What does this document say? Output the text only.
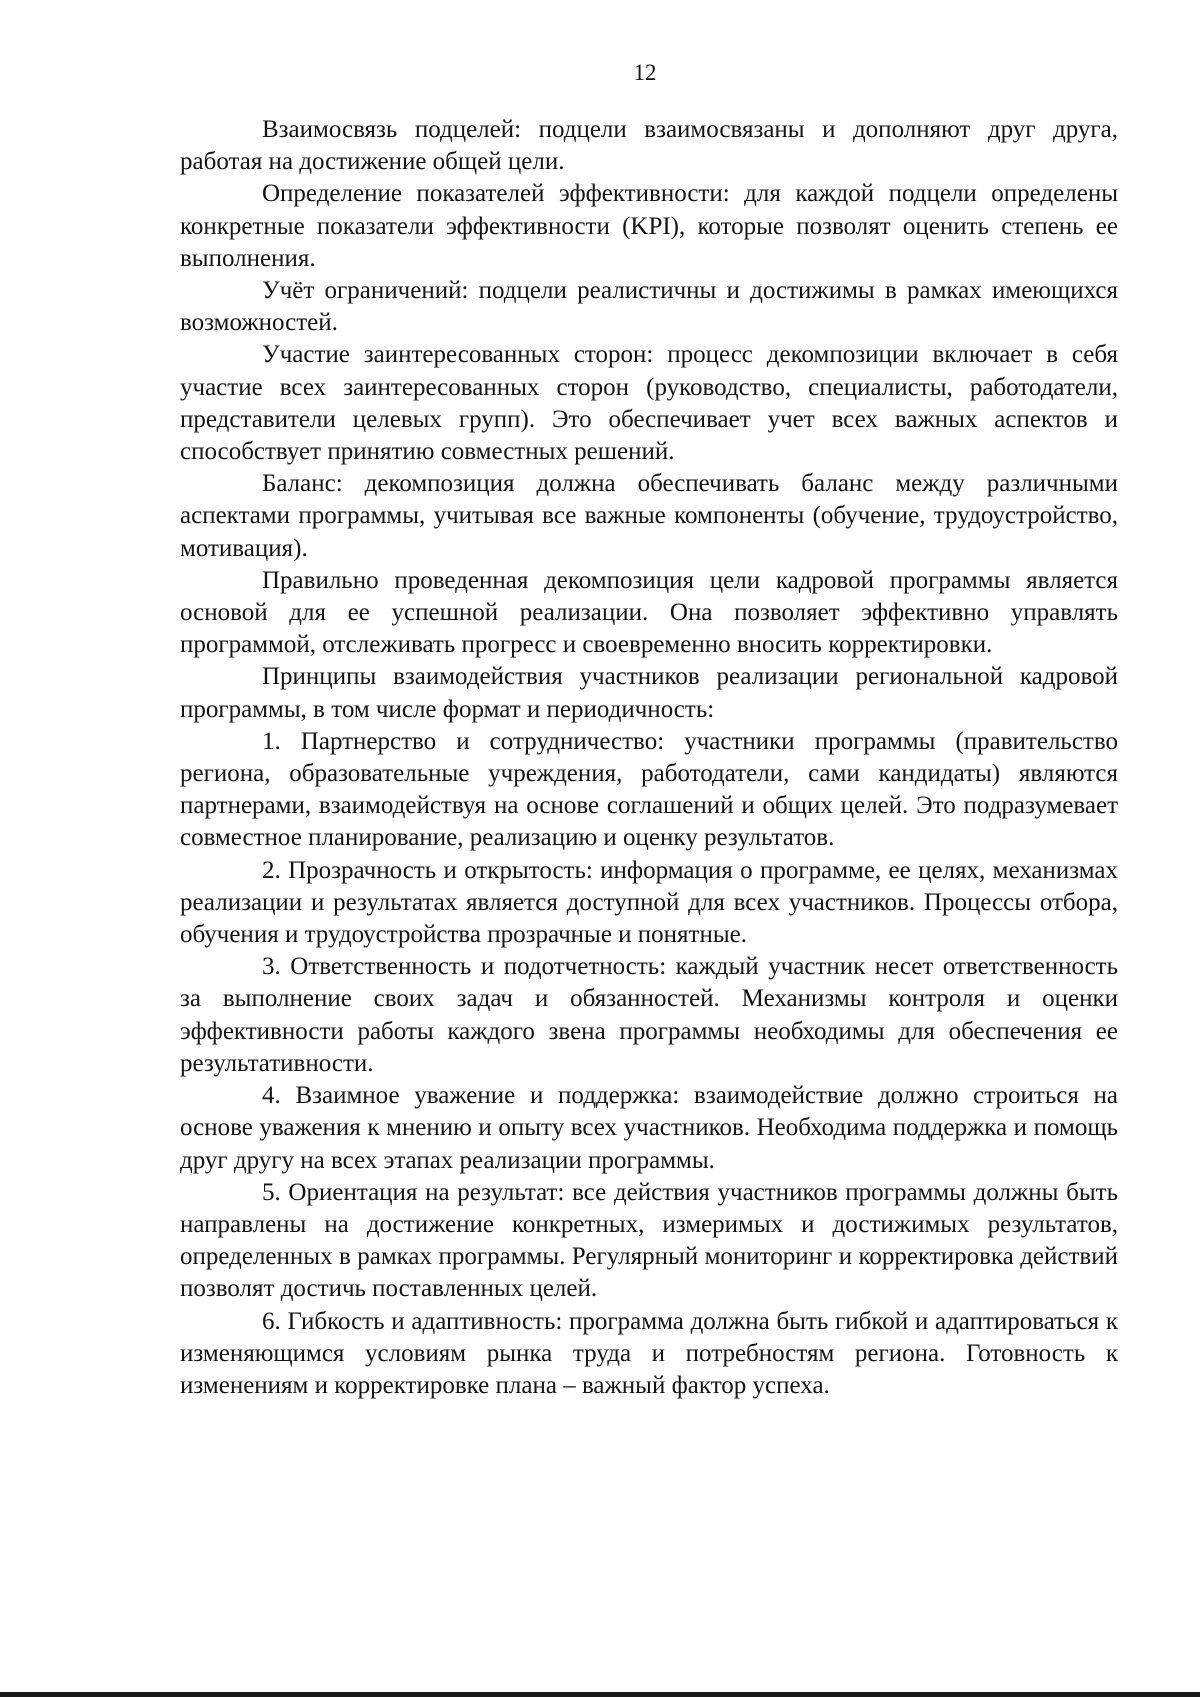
12

Взаимосвязь подцелей: подцели взаимосвязаны и дополняют друг друга, работая на достижение общей цели.

Определение показателей эффективности: для каждой подцели определены конкретные показатели эффективности (KPI), которые позволят оценить степень ее выполнения.

Учёт ограничений: подцели реалистичны и достижимы в рамках имеющихся возможностей.

Участие заинтересованных сторон: процесс декомпозиции включает в себя участие всех заинтересованных сторон (руководство, специалисты, работодатели, представители целевых групп). Это обеспечивает учет всех важных аспектов и способствует принятию совместных решений.

Баланс: декомпозиция должна обеспечивать баланс между различными аспектами программы, учитывая все важные компоненты (обучение, трудоустройство, мотивация).

Правильно проведенная декомпозиция цели кадровой программы является основой для ее успешной реализации. Она позволяет эффективно управлять программой, отслеживать прогресс и своевременно вносить корректировки.

Принципы взаимодействия участников реализации региональной кадровой программы, в том числе формат и периодичность:

1. Партнерство и сотрудничество: участники программы (правительство региона, образовательные учреждения, работодатели, сами кандидаты) являются партнерами, взаимодействуя на основе соглашений и общих целей. Это подразумевает совместное планирование, реализацию и оценку результатов.

2. Прозрачность и открытость: информация о программе, ее целях, механизмах реализации и результатах является доступной для всех участников. Процессы отбора, обучения и трудоустройства прозрачные и понятные.

3. Ответственность и подотчетность: каждый участник несет ответственность за выполнение своих задач и обязанностей. Механизмы контроля и оценки эффективности работы каждого звена программы необходимы для обеспечения ее результативности.

4. Взаимное уважение и поддержка: взаимодействие должно строиться на основе уважения к мнению и опыту всех участников. Необходима поддержка и помощь друг другу на всех этапах реализации программы.

5. Ориентация на результат: все действия участников программы должны быть направлены на достижение конкретных, измеримых и достижимых результатов, определенных в рамках программы. Регулярный мониторинг и корректировка действий позволят достичь поставленных целей.

6. Гибкость и адаптивность: программа должна быть гибкой и адаптироваться к изменяющимся условиям рынка труда и потребностям региона. Готовность к изменениям и корректировке плана – важный фактор успеха.
